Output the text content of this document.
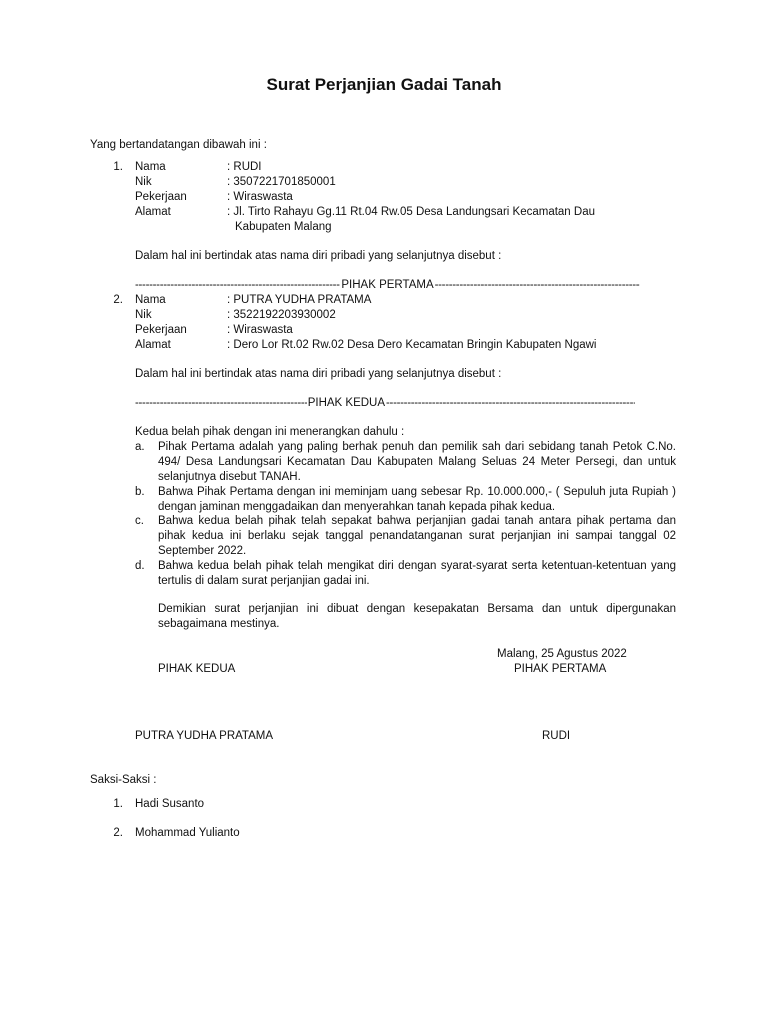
Surat Perjanjian Gadai Tanah
Yang bertandatangan dibawah ini :
1. Nama	: RUDI
Nik	: 3507221701850001
Pekerjaan	: Wiraswasta
Alamat	: Jl. Tirto Rahayu Gg.11 Rt.04 Rw.05 Desa Landungsari Kecamatan Dau
Kabupaten Malang
Dalam hal ini bertindak atas nama diri pribadi yang selanjutnya disebut :
-----
PIHAK PERTAMA
-----
2. Nama	: PUTRA YUDHA PRATAMA
Nik	: 3522192203930002
Pekerjaan	: Wiraswasta
Alamat	: Dero Lor Rt.02 Rw.02 Desa Dero Kecamatan Bringin Kabupaten Ngawi
Dalam hal ini bertindak atas nama diri pribadi yang selanjutnya disebut :
-----
PIHAK KEDUA
-----
Kedua belah pihak dengan ini menerangkan dahulu :
a. Pihak Pertama adalah yang paling berhak penuh dan pemilik sah dari sebidang tanah Petok C.No. 494/ Desa Landungsari Kecamatan Dau Kabupaten Malang Seluas 24 Meter Persegi, dan untuk selanjutnya disebut TANAH.

b. Bahwa Pihak Pertama dengan ini meminjam uang sebesar Rp. 10.000.000,- ( Sepuluh juta Rupiah ) dengan jaminan menggadaikan dan menyerahkan tanah kepada pihak kedua.

c. Bahwa kedua belah pihak telah sepakat bahwa perjanjian gadai tanah antara pihak pertama dan pihak kedua ini berlaku sejak tanggal penandatanganan surat perjanjian ini sampai tanggal 02 September 2022.

d. Bahwa kedua belah pihak telah mengikat diri dengan syarat-syarat serta ketentuan-ketentuan yang tertulis di dalam surat perjanjian gadai ini.

Demikian surat perjanjian ini dibuat dengan kesepakatan Bersama dan untuk dipergunakan sebagaimana mestinya.

Malang, 25 Agustus 2022
PIHAK KEDUA	PIHAK PERTAMA
PUTRA YUDHA PRATAMA	RUDI
Saksi-Saksi :
1. Hadi Susanto
2. Mohammad Yulianto
